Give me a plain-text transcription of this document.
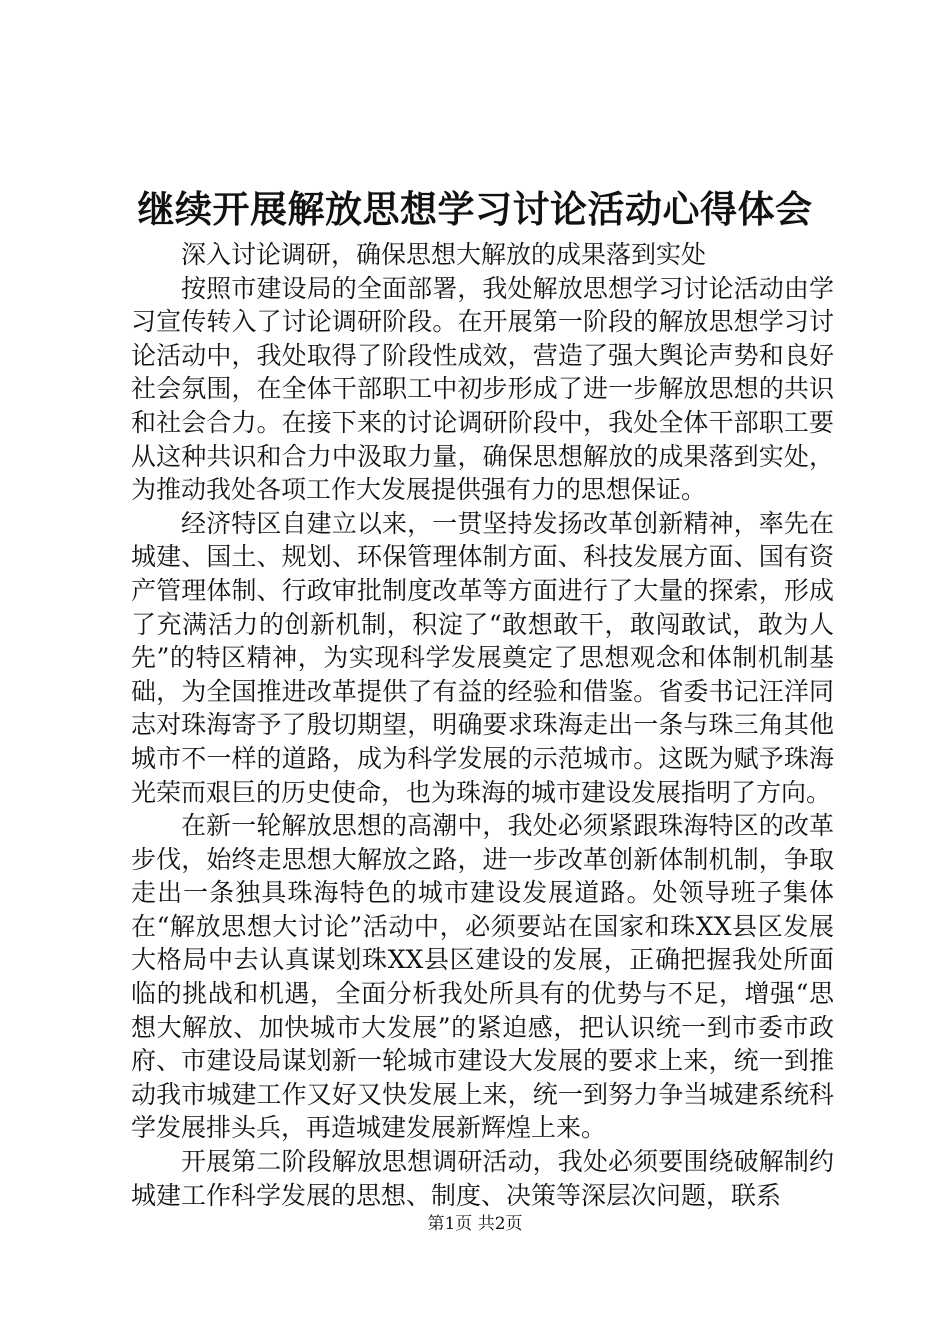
继续开展解放思想学习讨论活动心得体会

深入讨论调研，确保思想大解放的成果落到实处

按照市建设局的全面部署，我处解放思想学习讨论活动由学习宣传转入了讨论调研阶段。在开展第一阶段的解放思想学习讨论活动中，我处取得了阶段性成效，营造了强大舆论声势和良好社会氛围，在全体干部职工中初步形成了进一步解放思想的共识和社会合力。在接下来的讨论调研阶段中，我处全体干部职工要从这种共识和合力中汲取力量，确保思想解放的成果落到实处，为推动我处各项工作大发展提供强有力的思想保证。

经济特区自建立以来，一贯坚持发扬改革创新精神，率先在城建、国土、规划、环保管理体制方面、科技发展方面、国有资产管理体制、行政审批制度改革等方面进行了大量的探索，形成了充满活力的创新机制，积淀了“敢想敢干，敢闯敢试，敢为人先”的特区精神，为实现科学发展奠定了思想观念和体制机制基础，为全国推进改革提供了有益的经验和借鉴。省委书记汪洋同志对珠海寄予了殷切期望，明确要求珠海走出一条与珠三角其他城市不一样的道路，成为科学发展的示范城市。这既为赋予珠海光荣而艰巨的历史使命，也为珠海的城市建设发展指明了方向。

在新一轮解放思想的高潮中，我处必须紧跟珠海特区的改革步伐，始终走思想大解放之路，进一步改革创新体制机制，争取走出一条独具珠海特色的城市建设发展道路。处领导班子集体在“解放思想大讨论”活动中，必须要站在国家和珠XX县区发展大格局中去认真谋划珠XX县区建设的发展，正确把握我处所面临的挑战和机遇，全面分析我处所具有的优势与不足，增强“思想大解放、加快城市大发展”的紧迫感，把认识统一到市委市政府、市建设局谋划新一轮城市建设大发展的要求上来，统一到推动我市城建工作又好又快发展上来，统一到努力争当城建系统科学发展排头兵，再造城建发展新辉煌上来。

开展第二阶段解放思想调研活动，我处必须要围绕破解制约城建工作科学发展的思想、制度、决策等深层次问题，联系

第1页 共2页
